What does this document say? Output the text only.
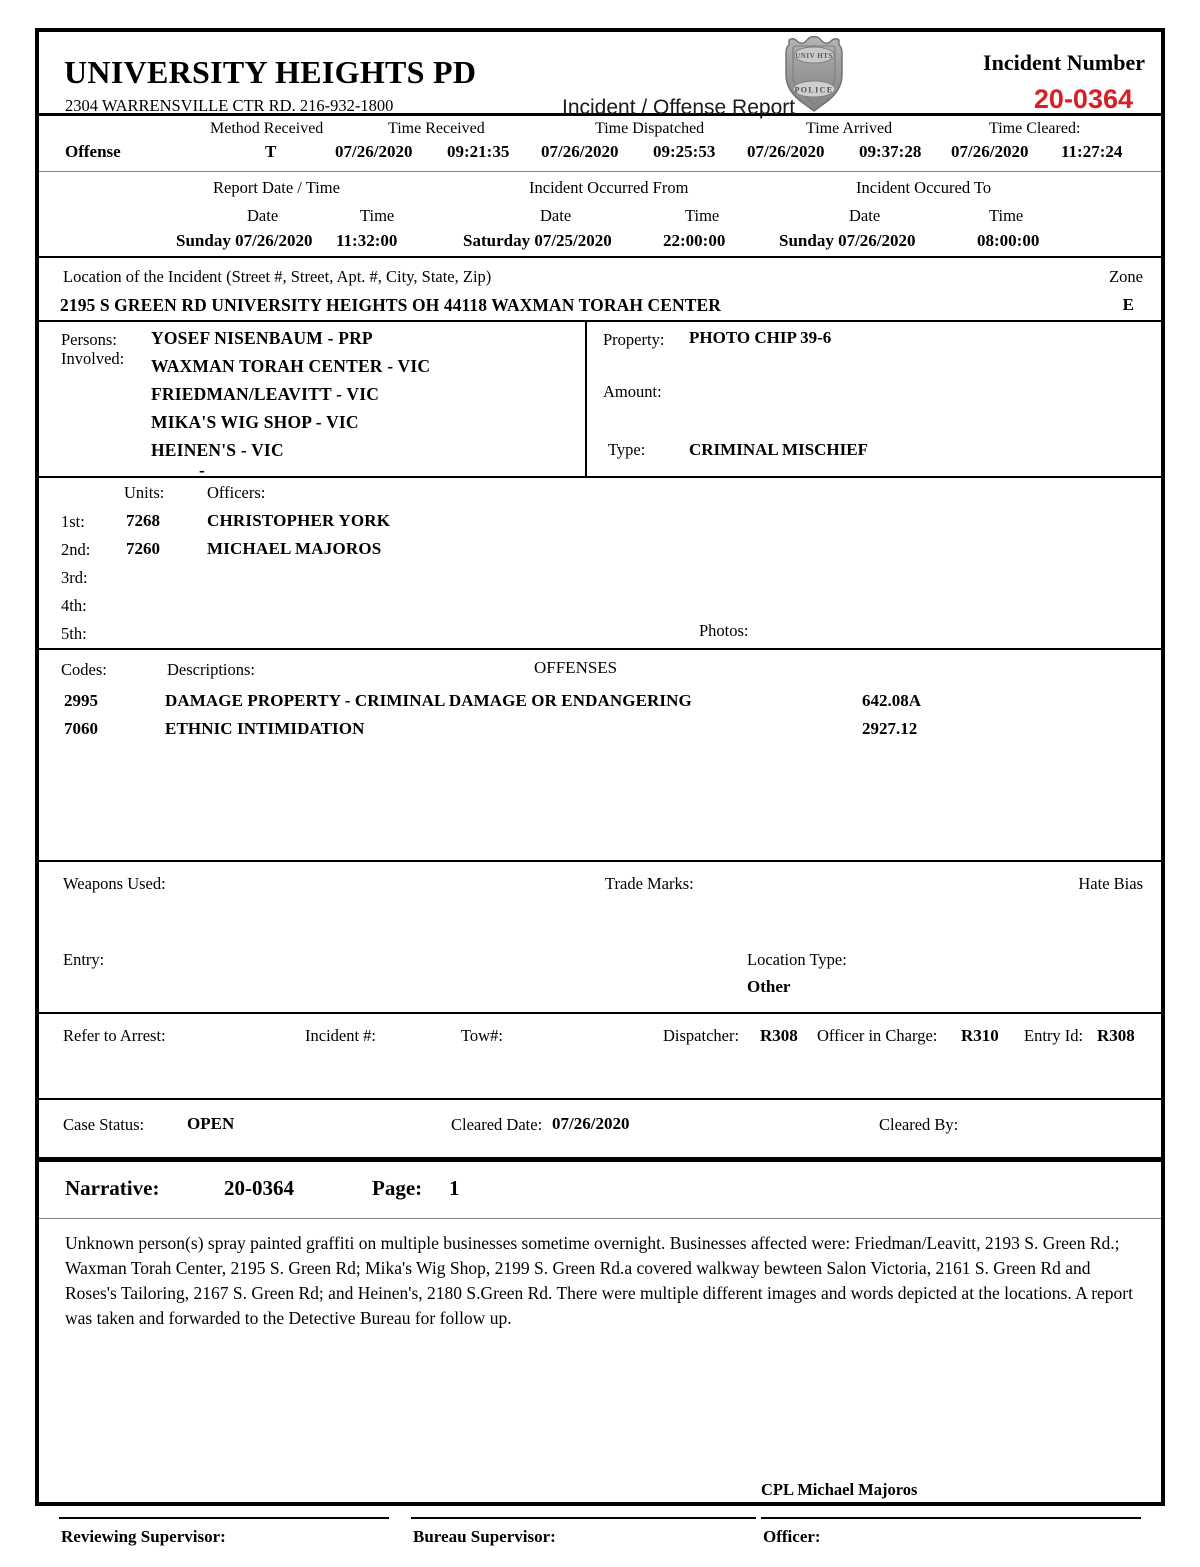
UNIVERSITY HEIGHTS PD
2304 WARRENSVILLE CTR RD. 216-932-1800	Incident / Offense Report
UNIV HTS
POLICE
Incident Number
20-0364
Method Received	Time Received	Time Dispatched	Time Arrived	Time Cleared:
Offense	T	07/26/2020 09:21:35 07/26/2020 09:25:53 07/26/2020 09:37:28 07/26/2020 11:27:24
Report Date / Time	Incident Occurred From	Incident Occured To
Date	Time	Date	Time	Date	Time
Sunday 07/26/2020 11:32:00	Saturday 07/25/2020	22:00:00	Sunday 07/26/2020	08:00:00
Location of the Incident (Street #, Street, Apt. #, City, State, Zip)	Zone
2195 S GREEN RD UNIVERSITY HEIGHTS OH 44118 WAXMAN TORAH CENTER	E
Persons:
Involved:
YOSEF NISENBAUM - PRP
WAXMAN TORAH CENTER - VIC
FRIEDMAN/LEAVITT - VIC
MIKA'S WIG SHOP - VIC
HEINEN'S - VIC
-
Property: PHOTO CHIP 39-6
Amount:
Type:	CRIMINAL MISCHIEF
Units:	Officers:
1st: 7268	CHRISTOPHER YORK
2nd: 7260	MICHAEL MAJOROS
3rd:
4th:
5th:	Photos:
OFFENSES
Codes:	Descriptions:
2995	DAMAGE PROPERTY - CRIMINAL DAMAGE OR ENDANGERING	642.08A
7060	ETHNIC INTIMIDATION	2927.12
Weapons Used:	Trade Marks:	Hate Bias
Entry:	Location Type:
Other
Refer to Arrest:	Incident #:	Tow#:	Dispatcher: R308 Officer in Charge: R310 Entry Id: R308
Case Status:	OPEN	Cleared Date: 07/26/2020	Cleared By:
Narrative:	20-0364	Page: 1
Unknown person(s) spray painted graffiti on multiple businesses sometime overnight. Businesses affected were: Friedman/Leavitt, 2193 S. Green Rd.; Waxman Torah Center, 2195 S. Green Rd; Mika's Wig Shop, 2199 S. Green Rd.a covered walkway bewteen Salon Victoria, 2161 S. Green Rd and Roses's Tailoring, 2167 S. Green Rd; and Heinen's, 2180 S.Green Rd. There were multiple different images and words depicted at the locations. A report was taken and forwarded to the Detective Bureau for follow up.
CPL Michael Majoros
Reviewing Supervisor:	Bureau Supervisor:	Officer:
